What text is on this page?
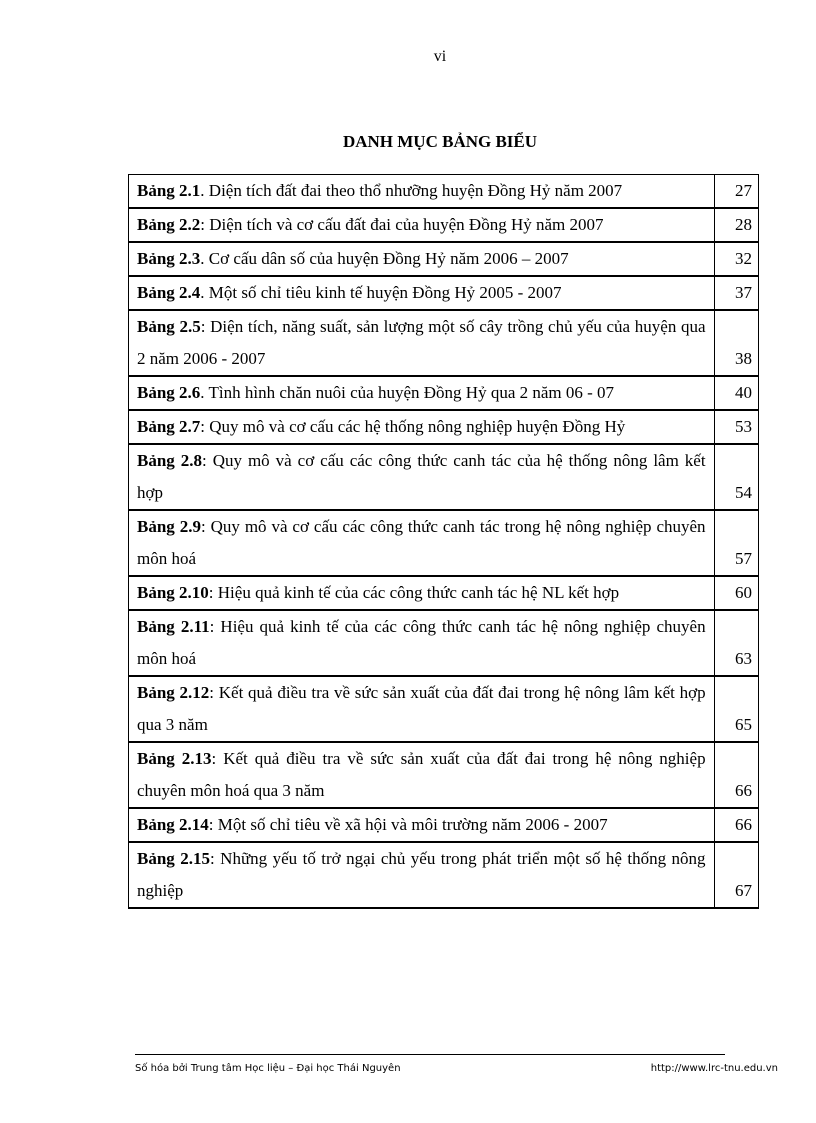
vi
DANH MỤC BẢNG BIỂU
Bảng 2.1. Diện tích đất đai theo thổ nhưỡng huyện Đồng Hỷ năm 2007	27
Bảng 2.2: Diện tích và cơ cấu đất đai của huyện Đồng Hỷ năm 2007	28
Bảng 2.3. Cơ cấu dân số của huyện Đồng Hỷ năm 2006 – 2007	32
Bảng 2.4. Một số chỉ tiêu kinh tế huyện Đồng Hỷ 2005 - 2007	37
Bảng 2.5: Diện tích, năng suất, sản lượng một số cây trồng chủ yếu của huyện qua 2 năm 2006 - 2007	38
Bảng 2.6. Tình hình chăn nuôi của huyện Đồng Hỷ qua 2 năm 06 - 07	40
Bảng 2.7: Quy mô và cơ cấu các hệ thống nông nghiệp huyện Đồng Hỷ	53
Bảng 2.8: Quy mô và cơ cấu các công thức canh tác của hệ thống nông lâm kết hợp	54
Bảng 2.9: Quy mô và cơ cấu các công thức canh tác trong hệ nông nghiệp chuyên môn hoá	57
Bảng 2.10: Hiệu quả kinh tế của các công thức canh tác hệ NL kết hợp	60
Bảng 2.11: Hiệu quả kinh tế của các công thức canh tác hệ nông nghiệp chuyên môn hoá	63
Bảng 2.12: Kết quả điều tra về sức sản xuất của đất đai trong hệ nông lâm kết hợp qua 3 năm	65
Bảng 2.13: Kết quả điều tra về sức sản xuất của đất đai trong hệ nông nghiệp chuyên môn hoá qua 3 năm	66
Bảng 2.14: Một số chỉ tiêu về xã hội và môi trường năm 2006 - 2007	66
Bảng 2.15: Những yếu tố trở ngại chủ yếu trong phát triển một số hệ thống nông nghiệp	67
Số hóa bởi Trung tâm Học liệu – Đại học Thái Nguyên	http://www.lrc-tnu.edu.vn
